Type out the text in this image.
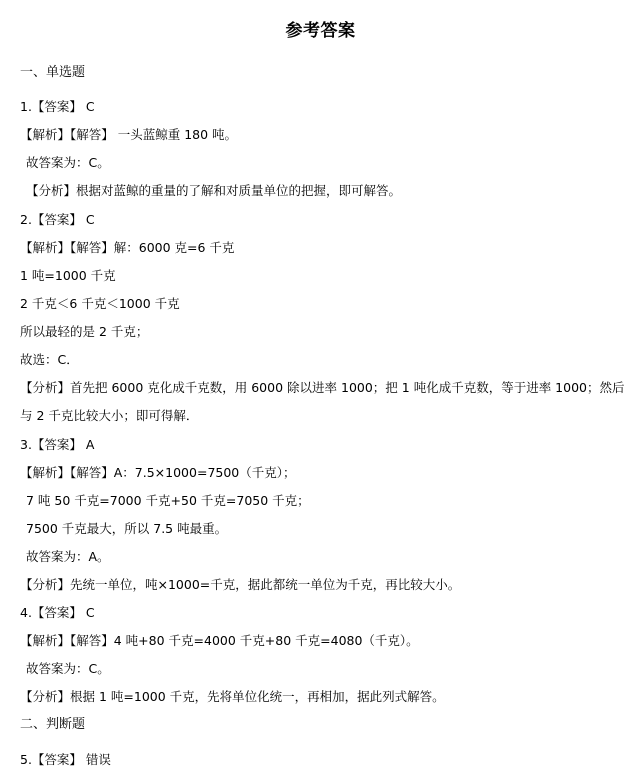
参考答案
一、单选题
1.【答案】 C
【解析】【解答】 一头蓝鲸重 180 吨。
故答案为：C。
【分析】根据对蓝鲸的重量的了解和对质量单位的把握，即可解答。
2.【答案】 C
【解析】【解答】解：6000 克=6 千克
1 吨=1000 千克
2 千克＜6 千克＜1000 千克
所以最轻的是 2 千克；
故选：C．
【分析】首先把 6000 克化成千克数，用 6000 除以进率 1000；把 1 吨化成千克数，等于进率 1000；然后
与 2 千克比较大小；即可得解．
3.【答案】 A
【解析】【解答】A：7.5×1000=7500（千克）；
7 吨 50 千克=7000 千克+50 千克=7050 千克；
7500 千克最大，所以 7.5 吨最重。
故答案为：A。
【分析】先统一单位，吨×1000=千克，据此都统一单位为千克，再比较大小。
4.【答案】 C
【解析】【解答】4 吨+80 千克=4000 千克+80 千克=4080（千克）。
故答案为：C。
【分析】根据 1 吨=1000 千克，先将单位化统一，再相加，据此列式解答。
二、判断题
5.【答案】 错误
